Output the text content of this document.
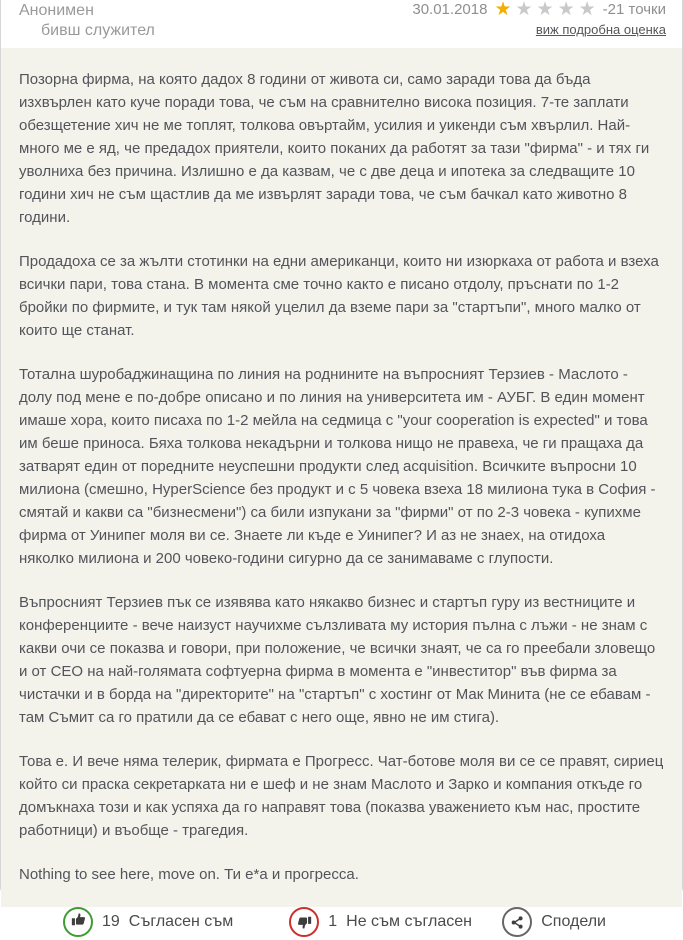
Анонимен
бивш служител
30.01.2018 ★ ★ ★ ★ ★ -21 точки
виж подробна оценка

Позорна фирма, на която дадох 8 години от живота си, само заради това да бъда изхвърлен като куче поради това, че съм на сравнително висока позиция. 7-те заплати обезщетение хич не ме топлят, толкова овъртайм, усилия и уикенди съм хвърлил. Най-много ме е яд, че предадох приятели, които поканих да работят за тази "фирма" - и тях ги уволниха без причина. Излишно е да казвам, че с две деца и ипотека за следващите 10 години хич не съм щастлив да ме извърлят заради това, че съм бачкал като животно 8 години.

Продадоха се за жълти стотинки на едни американци, които ни изюркаха от работа и взеха всички пари, това стана. В момента сме точно както е писано отдолу, пръснати по 1-2 бройки по фирмите, и тук там някой уцелил да вземе пари за "стартъпи", много малко от които ще станат.

Тотална шуробаджинащина по линия на роднините на въпросният Терзиев - Маслото - долу под мене е по-добре описано и по линия на университета им - АУБГ. В един момент имаше хора, които писаха по 1-2 мейла на седмица с "your cooperation is expected" и това им беше приноса. Бяха толкова некадърни и толкова нищо не правеха, че ги пращаха да затварят един от поредните неуспешни продукти след acquisition. Всичките въпросни 10 милиона (смешно, HyperScience без продукт и с 5 човека взеха 18 милиона тука в София - смятай и какви са "бизнесмени") са били изпукани за "фирми" от по 2-3 човека - купихме фирма от Уинипег моля ви се. Знаете ли къде е Уинипег? И аз не знаех, на отидоха няколко милиона и 200 човеко-години сигурно да се занимаваме с глупости.

Въпросният Терзиев пък се изявява като някакво бизнес и стартъп гуру из вестниците и конференциите - вече наизуст научихме сълзливата му история пълна с лъжи - не знам с какви очи се показва и говори, при положение, че всички знаят, че са го преебали зловещо и от CEO на най-голямата софтуерна фирма в момента е "инвеститор" във фирма за чистачки и в борда на "директорите" на "стартъп" с хостинг от Мак Минита (не се ебавам - там Съмит са го пратили да се ебават с него още, явно не им стига).

Това е. И вече няма телерик, фирмата е Прогресс. Чат-ботове моля ви се се правят, сириец който си праска секретарката ни е шеф и не знам Маслото и Зарко и компания откъде го домъкнаха този и как успяха да го направят това (показва уважението към нас, простите работници) и въобще - трагедия.

Nothing to see here, move on. Ти е*а и прогресса.

19 Съгласен съм	1 Не съм съгласен	Сподели
